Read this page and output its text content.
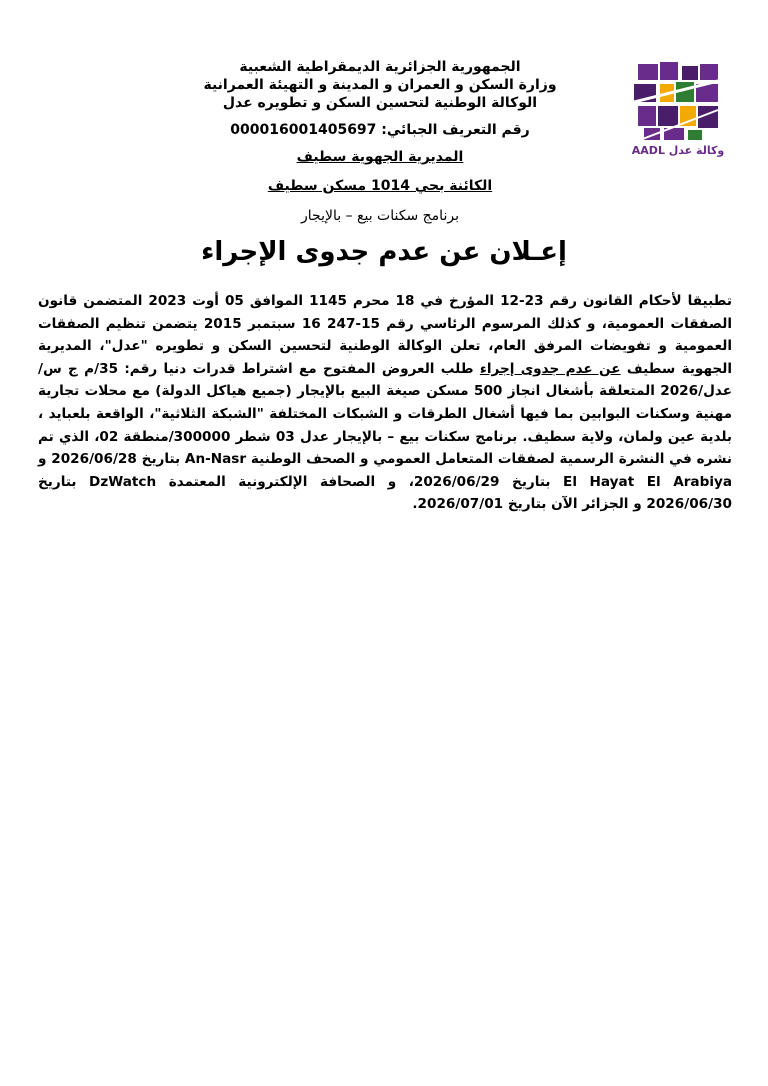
وكالة عدل AADL
الجمهورية الجزائرية الديمقراطية الشعبية
وزارة السكن و العمران و المدينة و التهيئة العمرانية
الوكالة الوطنية لتحسين السكن و تطويره عدل
رقم التعريف الجبائي: 000016001405697
المديرية الجهوية سطيف
الكائنة بحي 1014 مسكن سطيف
برنامج سكنات بيع – بالإيجار
إعـلان عن عدم جدوى الإجراء
تطبيقا لأحكام القانون رقم 23-12 المؤرخ في 18 محرم 1145 الموافق 05 أوت 2023 المتضمن قانون الصفقات العمومية، و كذلك المرسوم الرئاسي رقم 15-247 16 سبتمبر 2015 يتضمن تنظيم الصفقات العمومية و تفويضات المرفق العام، تعلن الوكالة الوطنية لتحسين السكن و تطويره "عدل"، المديرية الجهوية سطيف عن عدم جدوى إجراء طلب العروض المفتوح مع اشتراط قدرات دنيا رقم: 35/م ج س/عدل/2026 المتعلقة بأشغال انجاز 500 مسكن صيغة البيع بالإيجار (جميع هياكل الدولة) مع محلات تجارية مهنية وسكنات البوابين بما فيها أشغال الطرقات و الشبكات المختلفة "الشبكة الثلاثية"، الواقعة بلعبايد ، بلدية عين ولمان، ولاية سطيف. برنامج سكنات بيع – بالإيجار عدل 03 شطر 300000/منطقة 02، الذي تم نشره في النشرة الرسمية لصفقات المتعامل العمومي و الصحف الوطنية An-Nasr بتاريخ 2026/06/28 و El Hayat El Arabiya بتاريخ 2026/06/29، و الصحافة الإلكترونية المعتمدة DzWatch بتاريخ 2026/06/30 و الجزائر الآن بتاريخ 2026/07/01.
